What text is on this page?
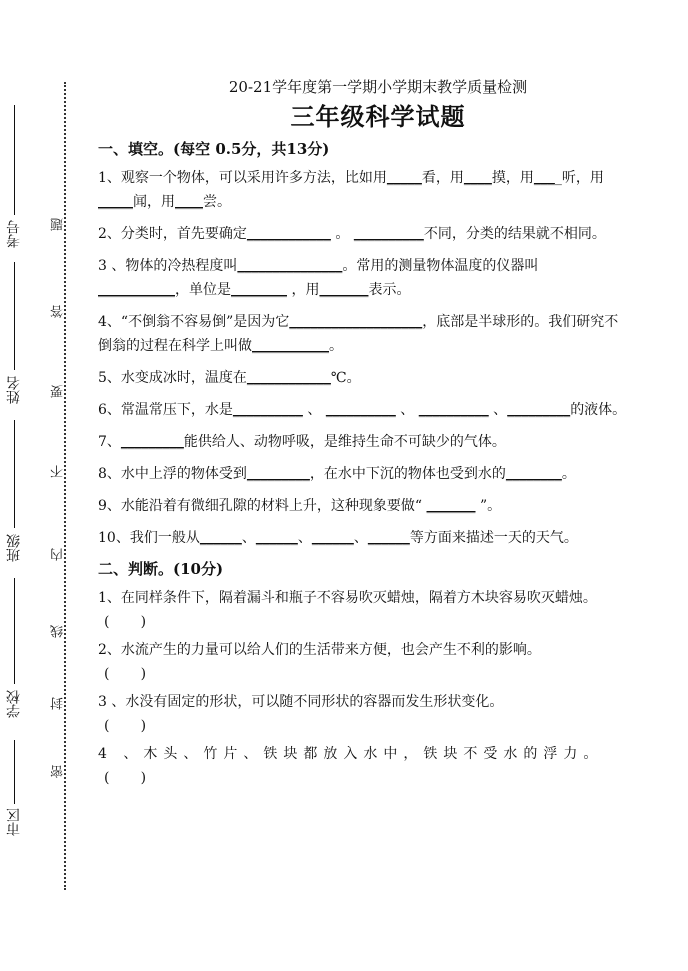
考号
姓名
班级
学校
市区
题
答
要
不
内
线
封
密
20-21学年度第一学期小学期末教学质量检测
三年级科学试题
一、填空。(每空 0.5分，共13分)
1、观察一个物体，可以采用许多方法，比如用_____看，用____摸，用____听，用_____闻，用____尝。
2、分类时，首先要确定____________ 。 __________不同，分类的结果就不相同。
3 、物体的冷热程度叫_______________。常用的测量物体温度的仪器叫___________，单位是________ ，用_______表示。
4、“不倒翁不容易倒”是因为它___________________，底部是半球形的。我们研究不倒翁的过程在科学上叫做___________。
5、水变成冰时，温度在____________℃。
6、常温常压下，水是__________ 、 __________ 、 __________ 、_________的液体。
7、_________能供给人、动物呼吸，是维持生命不可缺少的气体。
8、水中上浮的物体受到_________，在水中下沉的物体也受到水的________。
9、水能沿着有微细孔隙的材料上升，这种现象要做“ _______ ”。
10、我们一般从______、______、______、______等方面来描述一天的天气。
二、判断。(10分)
1、在同样条件下，隔着漏斗和瓶子不容易吹灭蜡烛，隔着方木块容易吹灭蜡烛。
(       )
2、水流产生的力量可以给人们的生活带来方便，也会产生不利的影响。
(       )
3 、水没有固定的形状，可以随不同形状的容器而发生形状变化。
(       )
4 、木头、竹片、铁块都放入水中，铁块不受水的浮力。
(       )
